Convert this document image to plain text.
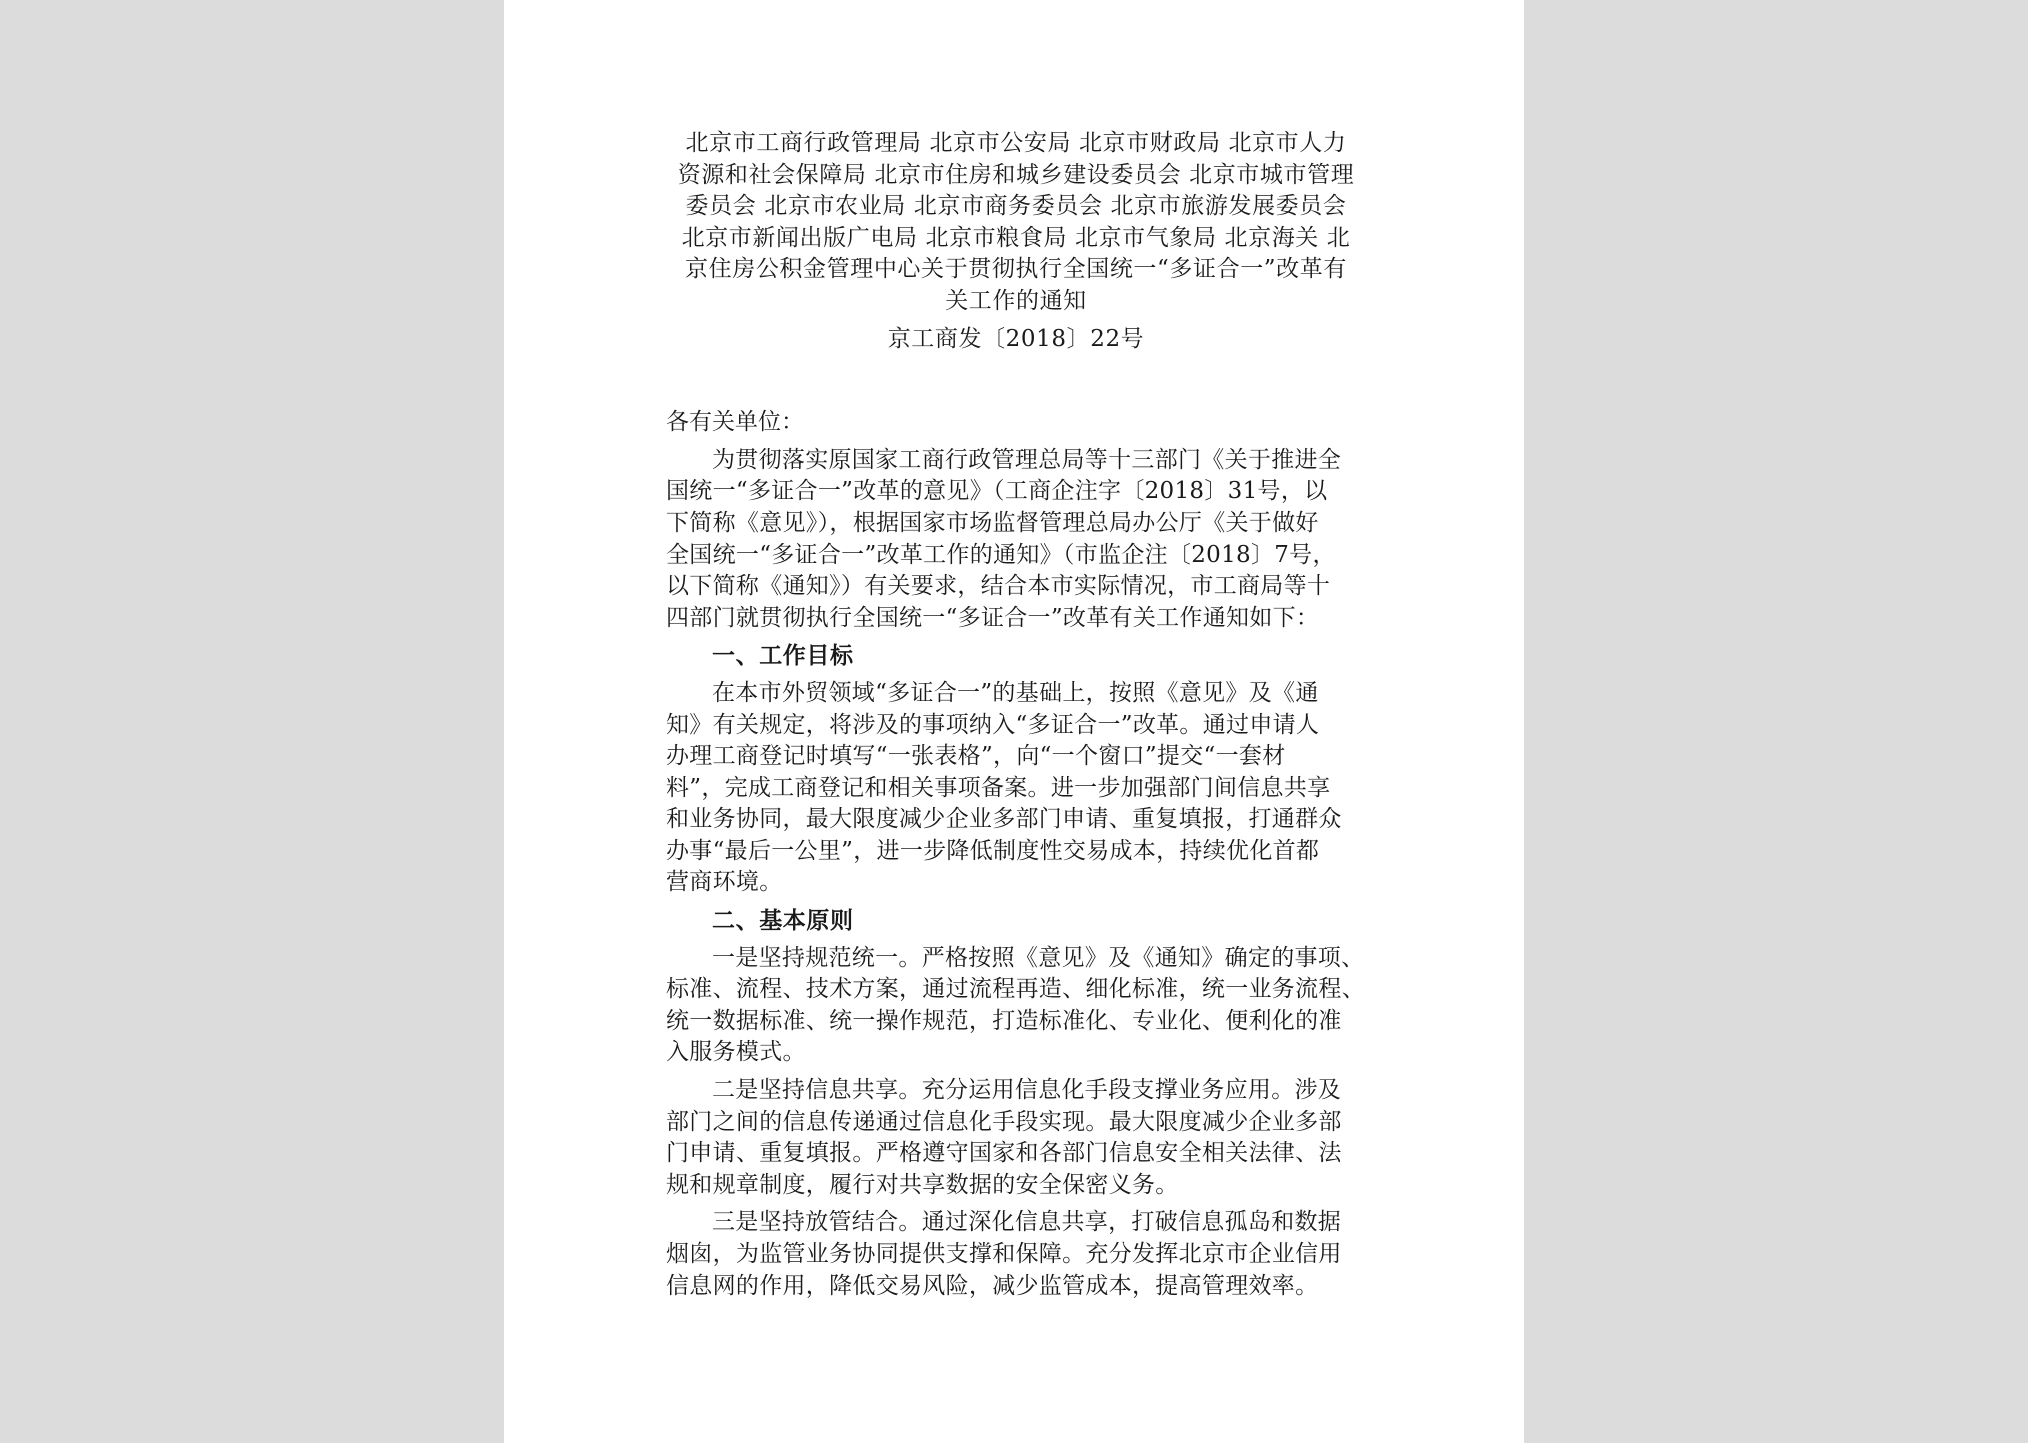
北京市工商行政管理局 北京市公安局 北京市财政局 北京市人力
资源和社会保障局 北京市住房和城乡建设委员会 北京市城市管理
委员会 北京市农业局 北京市商务委员会 北京市旅游发展委员会
北京市新闻出版广电局 北京市粮食局 北京市气象局 北京海关 北
京住房公积金管理中心关于贯彻执行全国统一“多证合一”改革有
关工作的通知

京工商发〔2018〕22号

各有关单位：

为贯彻落实原国家工商行政管理总局等十三部门《关于推进全
国统一“多证合一”改革的意见》（工商企注字〔2018〕31号，以
下简称《意见》），根据国家市场监督管理总局办公厅《关于做好
全国统一“多证合一”改革工作的通知》（市监企注〔2018〕7号，
以下简称《通知》）有关要求，结合本市实际情况，市工商局等十
四部门就贯彻执行全国统一“多证合一”改革有关工作通知如下：

一、工作目标

在本市外贸领域“多证合一”的基础上，按照《意见》及《通
知》有关规定，将涉及的事项纳入“多证合一”改革。通过申请人
办理工商登记时填写“一张表格”，向“一个窗口”提交“一套材
料”，完成工商登记和相关事项备案。进一步加强部门间信息共享
和业务协同，最大限度减少企业多部门申请、重复填报，打通群众
办事“最后一公里”，进一步降低制度性交易成本，持续优化首都
营商环境。

二、基本原则

一是坚持规范统一。严格按照《意见》及《通知》确定的事项、
标准、流程、技术方案，通过流程再造、细化标准，统一业务流程、
统一数据标准、统一操作规范，打造标准化、专业化、便利化的准
入服务模式。

二是坚持信息共享。充分运用信息化手段支撑业务应用。涉及
部门之间的信息传递通过信息化手段实现。最大限度减少企业多部
门申请、重复填报。严格遵守国家和各部门信息安全相关法律、法
规和规章制度，履行对共享数据的安全保密义务。

三是坚持放管结合。通过深化信息共享，打破信息孤岛和数据
烟囱，为监管业务协同提供支撑和保障。充分发挥北京市企业信用
信息网的作用，降低交易风险，减少监管成本，提高管理效率。
